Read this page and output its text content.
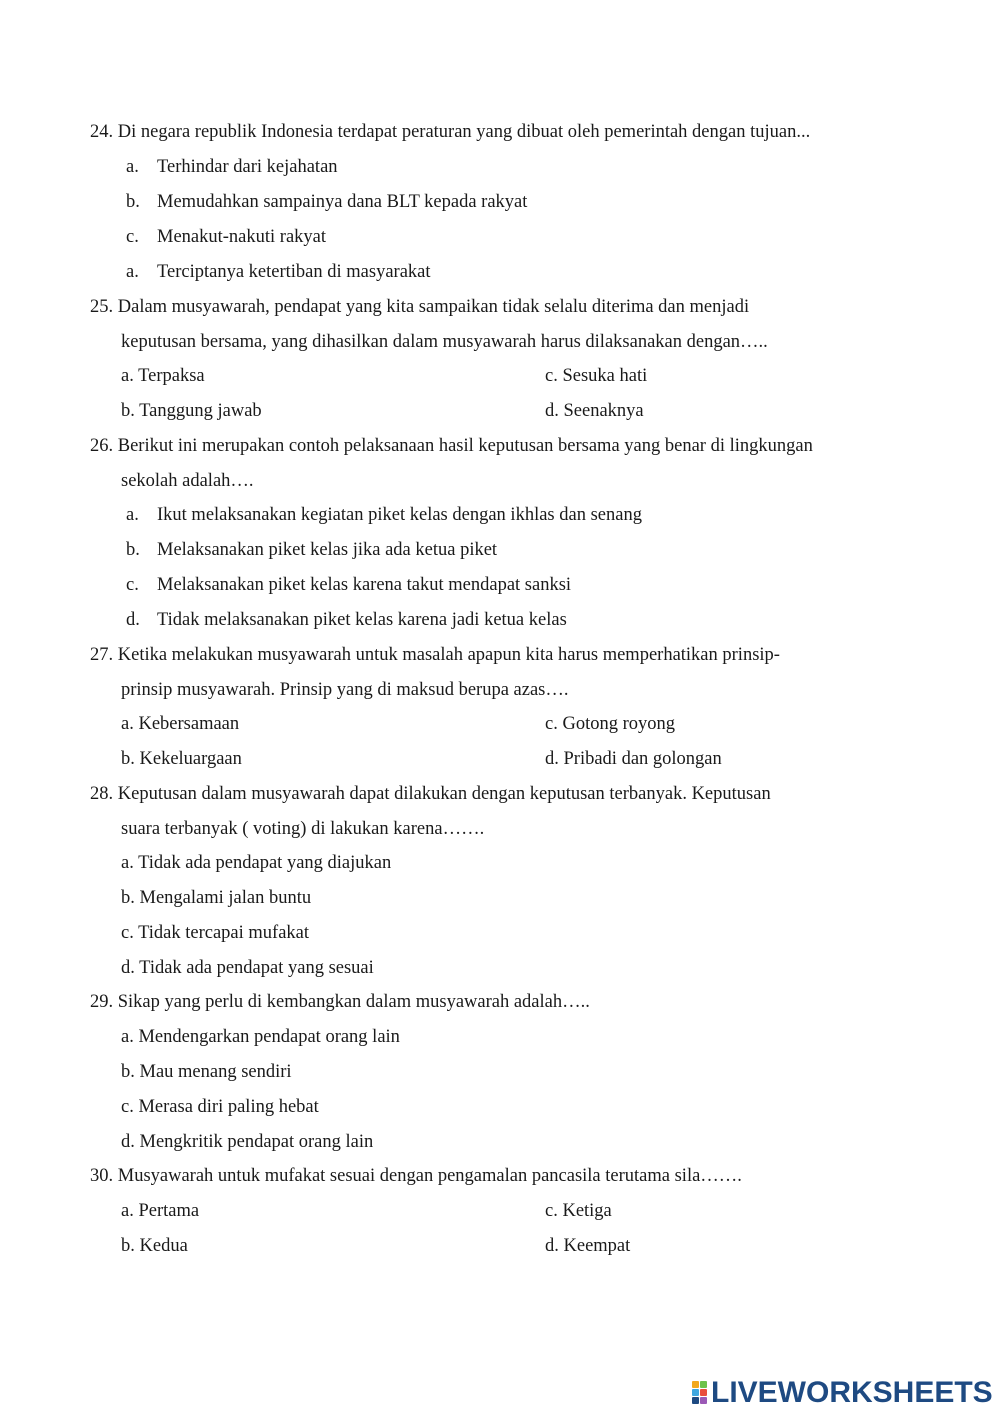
24. Di negara republik Indonesia terdapat peraturan yang dibuat oleh pemerintah dengan tujuan...
a. Terhindar dari kejahatan
b. Memudahkan sampainya dana BLT kepada rakyat
c. Menakut-nakuti rakyat
a. Terciptanya ketertiban di masyarakat
25. Dalam musyawarah, pendapat yang kita sampaikan tidak selalu diterima dan menjadi
keputusan bersama, yang dihasilkan dalam musyawarah harus dilaksanakan dengan…..
a. Terpaksa	c. Sesuka hati
b. Tanggung jawab	d. Seenaknya
26. Berikut ini merupakan contoh pelaksanaan hasil keputusan bersama yang benar di lingkungan
sekolah adalah….
a. Ikut melaksanakan kegiatan piket kelas dengan ikhlas dan senang
b. Melaksanakan piket kelas jika ada ketua piket
c. Melaksanakan piket kelas karena takut mendapat sanksi
d. Tidak melaksanakan piket kelas karena jadi ketua kelas
27. Ketika melakukan musyawarah untuk masalah apapun kita harus memperhatikan prinsip-
prinsip musyawarah. Prinsip yang di maksud berupa azas….
a. Kebersamaan	c. Gotong royong
b. Kekeluargaan	d. Pribadi dan golongan
28. Keputusan dalam musyawarah dapat dilakukan dengan keputusan terbanyak. Keputusan
suara terbanyak ( voting) di lakukan karena…….
a. Tidak ada pendapat yang diajukan
b. Mengalami jalan buntu
c. Tidak tercapai mufakat
d. Tidak ada pendapat yang sesuai
29. Sikap yang perlu di kembangkan dalam musyawarah adalah…..
a. Mendengarkan pendapat orang lain
b. Mau menang sendiri
c. Merasa diri paling hebat
d. Mengkritik pendapat orang lain
30. Musyawarah untuk mufakat sesuai dengan pengamalan pancasila terutama sila…….
a. Pertama	c. Ketiga
b. Kedua	d. Keempat
LIVEWORKSHEETS
